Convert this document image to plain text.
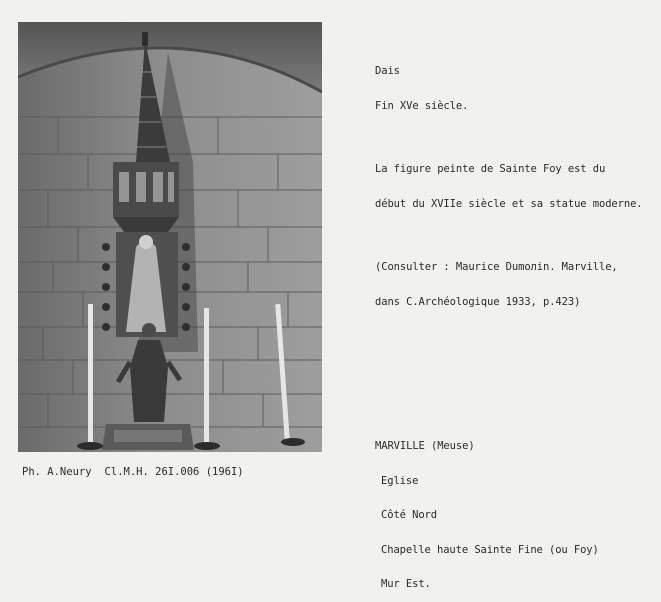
Dais

Fin XVe siècle.

La figure peinte de Sainte Foy est du

début du XVIIe siècle et sa statue moderne.

(Consulter : Maurice Dumoлin. Marville,

dans C.Archéologique 1933, p.423)

MARVILLE (Meuse)

Eglise

Côté Nord

Chapelle haute Sainte Fine (ou Foy)

Mur Est.

Ph. A.Neury Cl.M.H. 26I.006 (196I)
